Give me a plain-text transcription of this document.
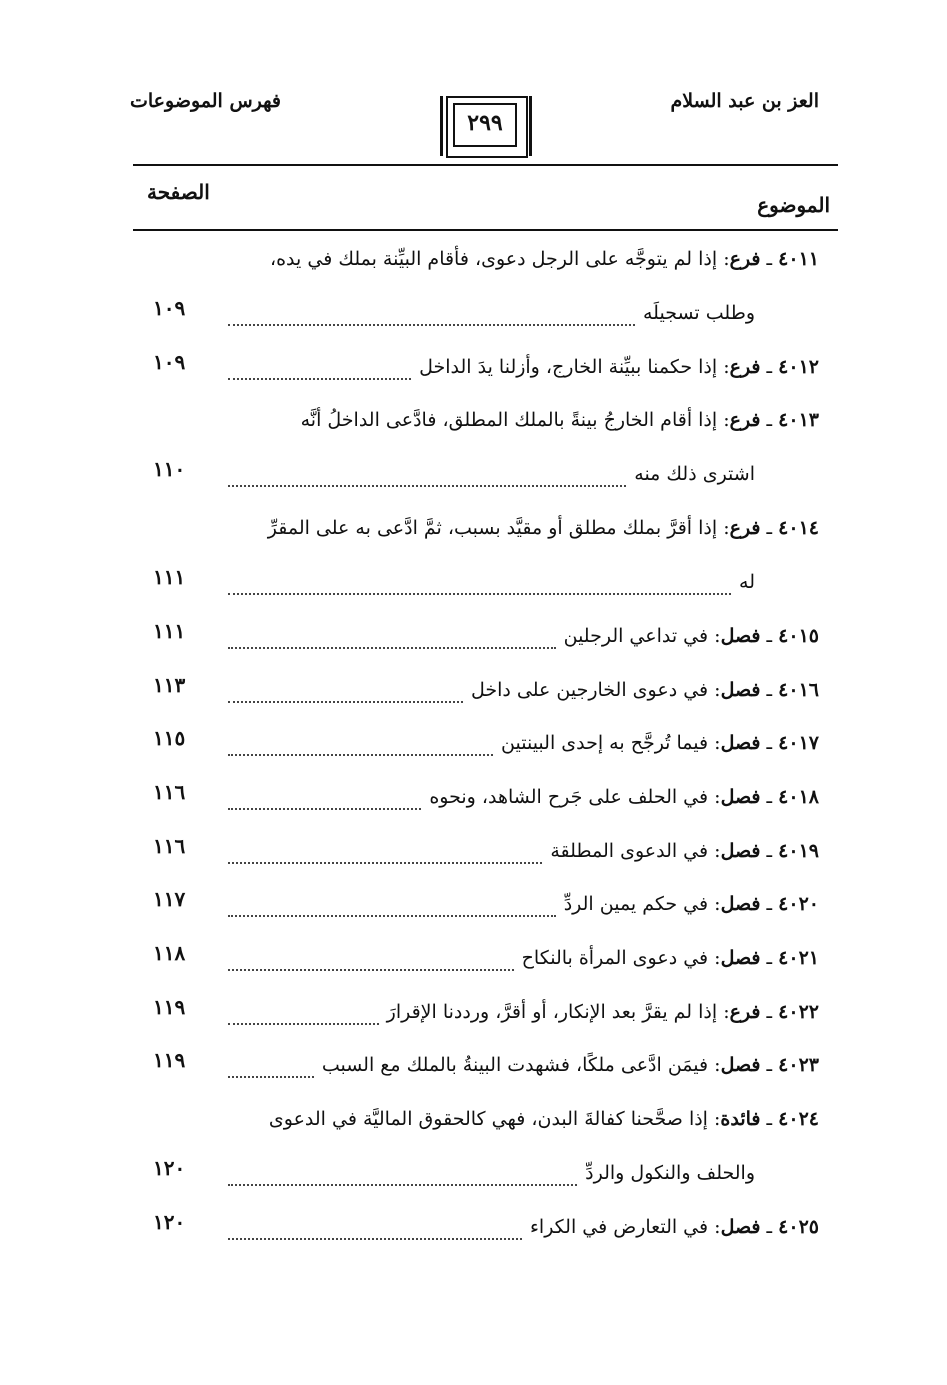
العز بن عبد السلام
٢٩٩
فهرس الموضوعات
الموضوع
الصفحة
٤٠١١ ـ فرع: إذا لم يتوجَّه على الرجل دعوى، فأقام البيِّنة بملك في يده،
وطلب تسجيلَه
١٠٩
٤٠١٢ ـ فرع: إذا حكمنا ببيِّنة الخارج، وأزلنا يدَ الداخل
١٠٩
٤٠١٣ ـ فرع: إذا أقام الخارجُ بينةً بالملك المطلق، فادَّعى الداخلُ أنَّه
اشترى ذلك منه
١١٠
٤٠١٤ ـ فرع: إذا أقرَّ بملك مطلق أو مقيَّد بسبب، ثمَّ ادَّعى به على المقرِّ
له
١١١
٤٠١٥ ـ فصل: في تداعي الرجلين
١١١
٤٠١٦ ـ فصل: في دعوى الخارجين على داخل
١١٣
٤٠١٧ ـ فصل: فيما تُرجَّح به إحدى البينتين
١١٥
٤٠١٨ ـ فصل: في الحلف على جَرح الشاهد، ونحوه
١١٦
٤٠١٩ ـ فصل: في الدعوى المطلقة
١١٦
٤٠٢٠ ـ فصل: في حكم يمين الردِّ
١١٧
٤٠٢١ ـ فصل: في دعوى المرأة بالنكاح
١١٨
٤٠٢٢ ـ فرع: إذا لم يقرَّ بعد الإنكار، أو أقرَّ، ورددنا الإقرارَ
١١٩
٤٠٢٣ ـ فصل: فيمَن ادَّعى ملكًا، فشهدت البينةُ بالملك مع السبب
١١٩
٤٠٢٤ ـ فائدة: إذا صحَّحنا كفالةَ البدن، فهي كالحقوق الماليَّة في الدعوى
والحلف والنكول والردِّ
١٢٠
٤٠٢٥ ـ فصل: في التعارض في الكراء
١٢٠
